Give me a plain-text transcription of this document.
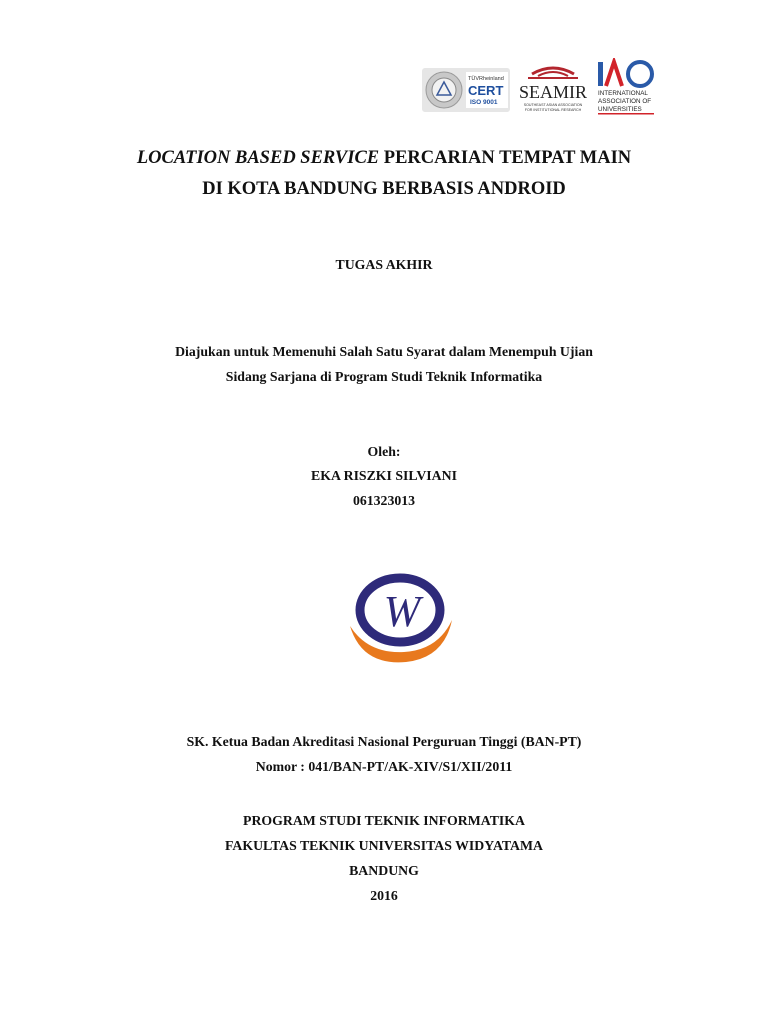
TÜVRheinland
CERT
ISO 9001
SEAMIR
SOUTHEAST ASIAN ASSOCIATION
FOR INSTITUTIONAL RESEARCH
INTERNATIONAL
ASSOCIATION OF
UNIVERSITIES
LOCATION BASED SERVICE PERCARIAN TEMPAT MAIN
DI KOTA BANDUNG BERBASIS ANDROID
TUGAS AKHIR
Diajukan untuk Memenuhi Salah Satu Syarat dalam Menempuh Ujian
Sidang Sarjana di Program Studi Teknik Informatika
Oleh:
EKA RISZKI SILVIANI
061323013
W
SK. Ketua Badan Akreditasi Nasional Perguruan Tinggi (BAN-PT)
Nomor : 041/BAN-PT/AK-XIV/S1/XII/2011
PROGRAM STUDI TEKNIK INFORMATIKA
FAKULTAS TEKNIK UNIVERSITAS WIDYATAMA
BANDUNG
2016
